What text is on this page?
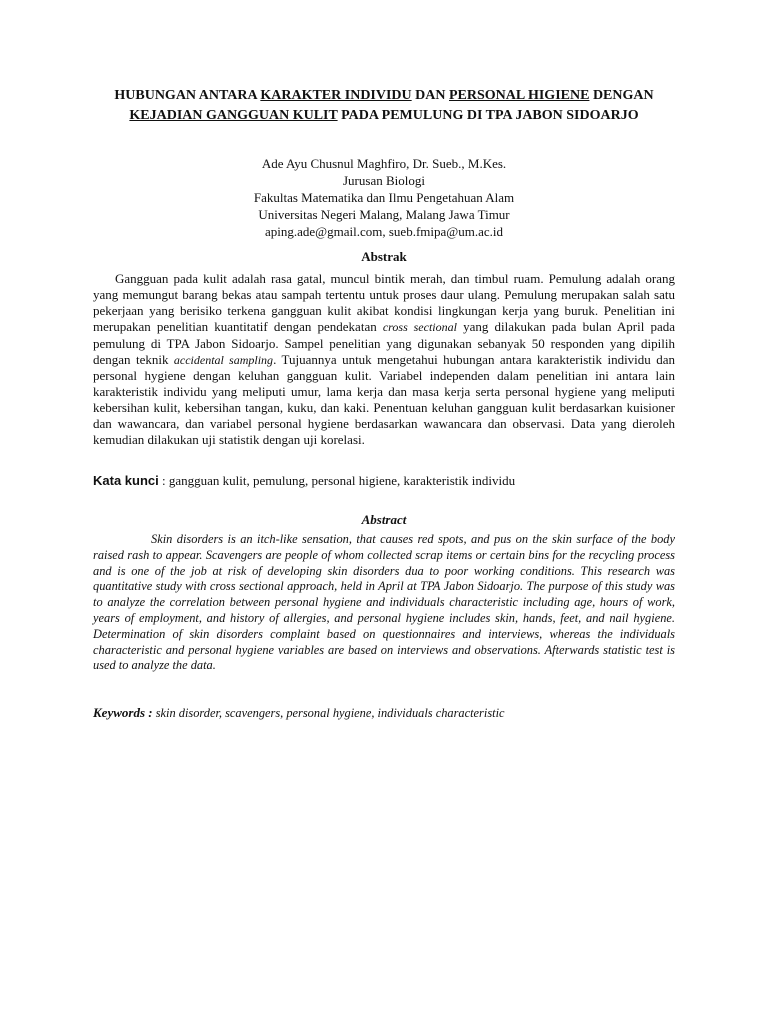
HUBUNGAN ANTARA KARAKTER INDIVIDU DAN PERSONAL HIGIENE DENGAN KEJADIAN GANGGUAN KULIT PADA PEMULUNG DI TPA JABON SIDOARJO
Ade Ayu Chusnul Maghfiro, Dr. Sueb., M.Kes.
Jurusan Biologi
Fakultas Matematika dan Ilmu Pengetahuan Alam
Universitas Negeri Malang, Malang Jawa Timur
aping.ade@gmail.com, sueb.fmipa@um.ac.id
Abstrak
Gangguan pada kulit adalah rasa gatal, muncul bintik merah, dan timbul ruam. Pemulung adalah orang yang memungut barang bekas atau sampah tertentu untuk proses daur ulang. Pemulung merupakan salah satu pekerjaan yang berisiko terkena gangguan kulit akibat kondisi lingkungan kerja yang buruk. Penelitian ini merupakan penelitian kuantitatif dengan pendekatan cross sectional yang dilakukan pada bulan April pada pemulung di TPA Jabon Sidoarjo. Sampel penelitian yang digunakan sebanyak 50 responden yang dipilih dengan teknik accidental sampling. Tujuannya untuk mengetahui hubungan antara karakteristik individu dan personal hygiene dengan keluhan gangguan kulit. Variabel independen dalam penelitian ini antara lain karakteristik individu yang meliputi umur, lama kerja dan masa kerja serta personal hygiene yang meliputi kebersihan kulit, kebersihan tangan, kuku, dan kaki. Penentuan keluhan gangguan kulit berdasarkan kuisioner dan wawancara, dan variabel personal hygiene berdasarkan wawancara dan observasi. Data yang dieroleh kemudian dilakukan uji statistik dengan uji korelasi.
Kata kunci : gangguan kulit, pemulung, personal higiene, karakteristik individu
Abstract
Skin disorders is an itch-like sensation, that causes red spots, and pus on the skin surface of the body raised rash to appear. Scavengers are people of whom collected scrap items or certain bins for the recycling process and is one of the job at risk of developing skin disorders dua to poor working conditions. This research was quantitative study with cross sectional approach, held in April at TPA Jabon Sidoarjo. The purpose of this study was to analyze the correlation between personal hygiene and individuals characteristic including age, hours of work, years of employment, and history of allergies, and personal hygiene includes skin, hands, feet, and nail hygiene. Determination of skin disorders complaint based on questionnaires and interviews, whereas the individuals characteristic and personal hygiene variables are based on interviews and observations. Afterwards statistic test is used to analyze the data.
Keywords : skin disorder, scavengers, personal hygiene, individuals characteristic
